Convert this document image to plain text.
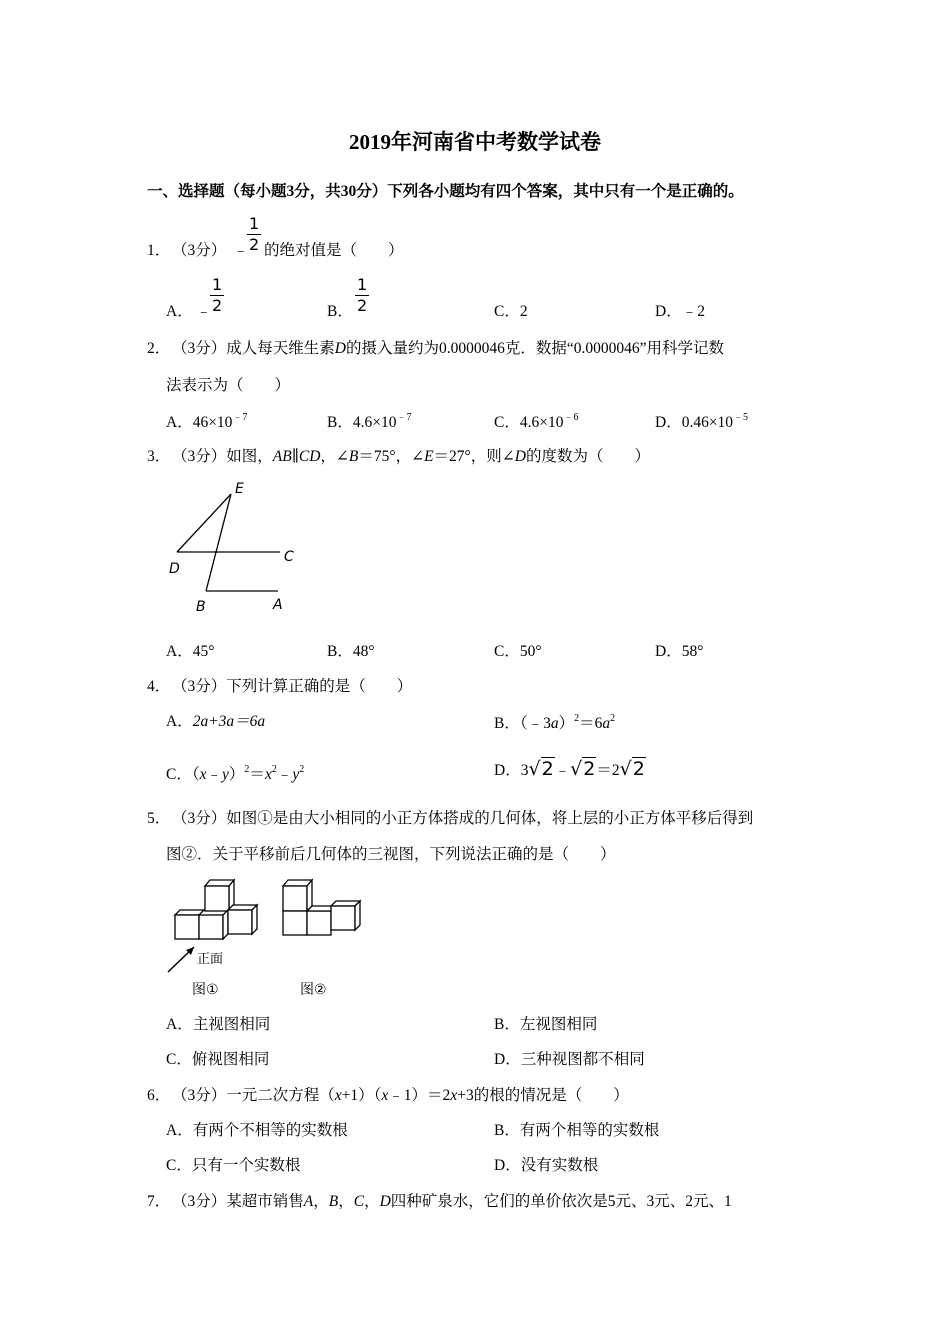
2019年河南省中考数学试卷
一、选择题（每小题3分，共30分）下列各小题均有四个答案，其中只有一个是正确的。
1． （3分） ﹣
$\frac{1}{2}$ 的绝对值是（　　）
A． ﹣
$\frac{1}{2}$	B． $\frac{1}{2}$	C．2	D．﹣2
2． （3分）成人每天维生素D的摄入量约为0.0000046克．数据“0.0000046”用科学记数
法表示为（　　）
A．$46\times 10^{﹣7}$	B．$4.6\times 10^{﹣7}$	C．$4.6\times 10^{﹣6}$	D．$0.46\times 10^{﹣5}$
3． （3分）如图，AB∥CD，∠B＝75°，∠E＝27°，则∠D的度数为（　　）
E
C
D
B	A
A．45°	B．48°	C．50°	D．58°
4． （3分）下列计算正确的是（　　）
A．2a+3a＝6a	B．$(﹣3a)^2=6a^2$
C．$(x﹣y)^2=x^2﹣y^2$	D．3√2﹣√2＝2√2
5． （3分）如图①是由大小相同的小正方体搭成的几何体，将上层的小正方体平移后得到
图②．关于平移前后几何体的三视图，下列说法正确的是（　　）
正面
图①	图②
A．主视图相同	B．左视图相同
C．俯视图相同	D．三种视图都不相同
6． （3分）一元二次方程（x+1）（x﹣1）＝2x+3的根的情况是（　　）
A．有两个不相等的实数根	B．有两个相等的实数根
C．只有一个实数根	D．没有实数根
7． （3分）某超市销售A，B，C，D四种矿泉水，它们的单价依次是5元、3元、2元、1
